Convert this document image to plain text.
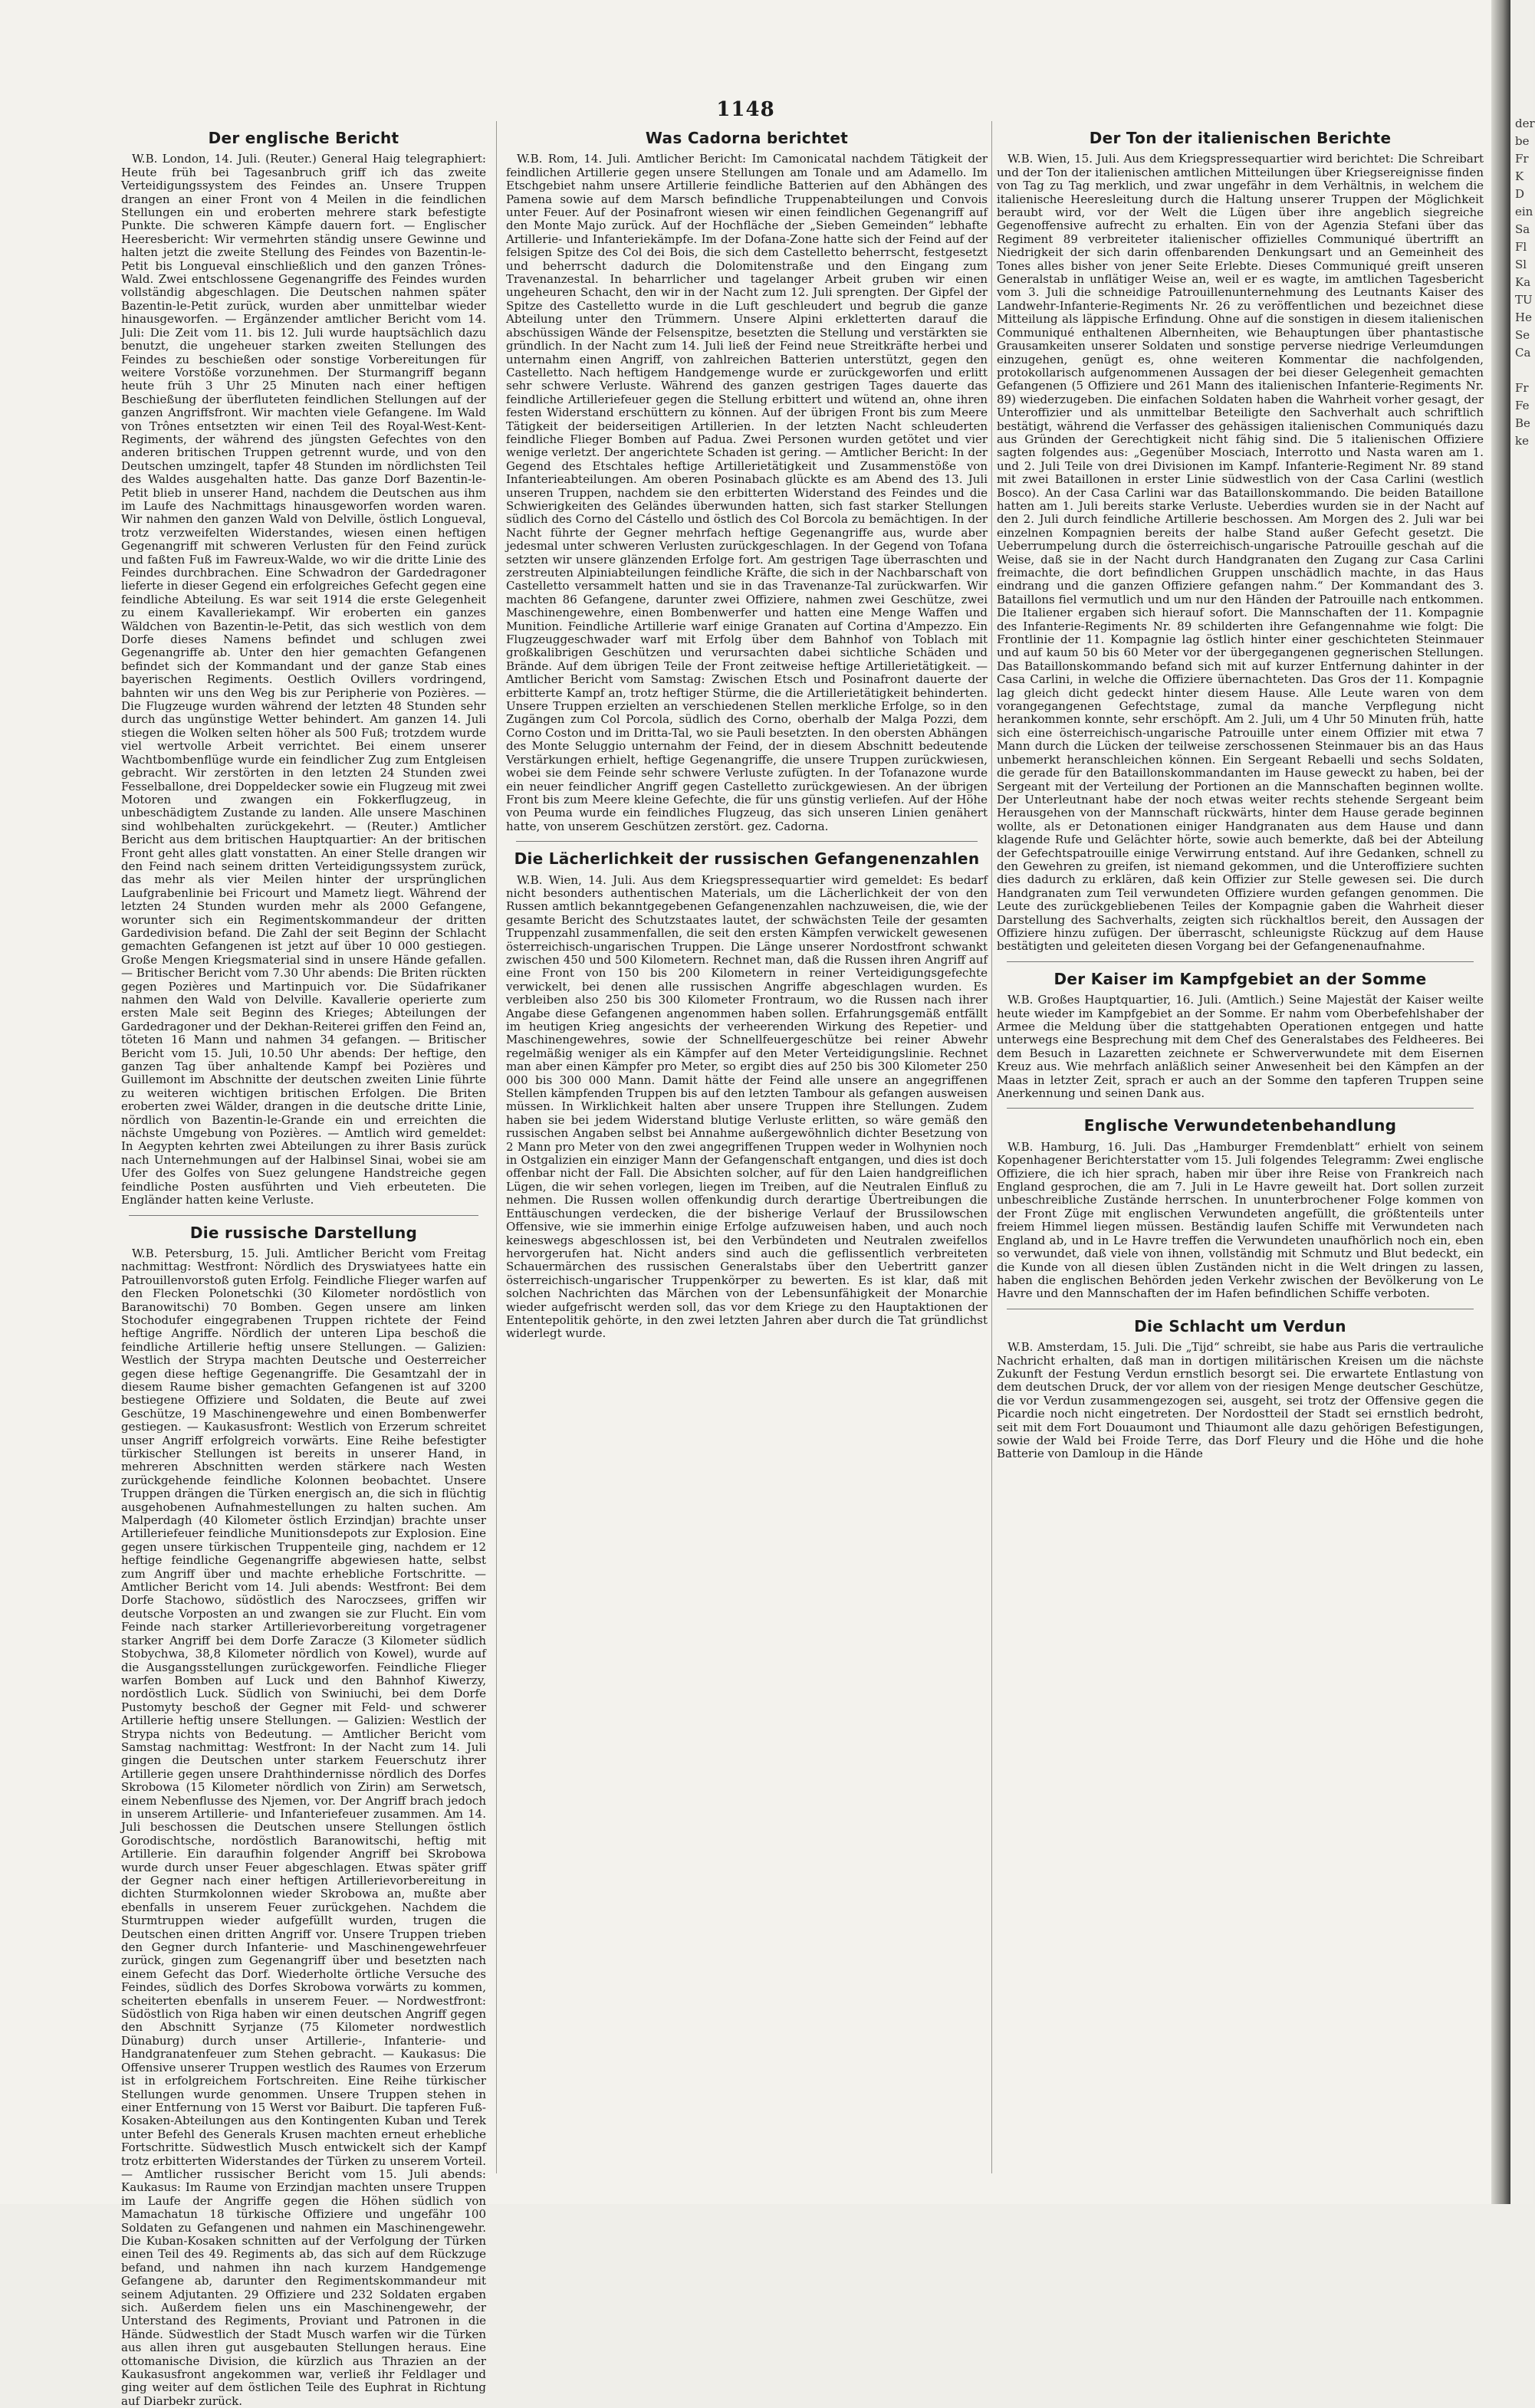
1148
Der englische Bericht

W.B. London, 14. Juli. (Reuter.) General Haig telegraphiert: Heute früh bei Tagesanbruch griff ich das zweite Verteidigungssystem des Feindes an. Unsere Truppen drangen an einer Front von 4 Meilen in die feindlichen Stellungen ein und eroberten mehrere stark befestigte Punkte. Die schweren Kämpfe dauern fort. — Englischer Heeresbericht: Wir vermehrten ständig unsere Gewinne und halten jetzt die zweite Stellung des Feindes von Bazentin-le-Petit bis Longueval einschließlich und den ganzen Trônes-Wald. Zwei entschlossene Gegenangriffe des Feindes wurden vollständig abgeschlagen. Die Deutschen nahmen später Bazentin-le-Petit zurück, wurden aber unmittelbar wieder hinausgeworfen. — Ergänzender amtlicher Bericht vom 14. Juli: Die Zeit vom 11. bis 12. Juli wurde hauptsächlich dazu benutzt, die ungeheuer starken zweiten Stellungen des Feindes zu beschießen oder sonstige Vorbereitungen für weitere Vorstöße vorzunehmen. Der Sturmangriff begann heute früh 3 Uhr 25 Minuten nach einer heftigen Beschießung der überfluteten feindlichen Stellungen auf der ganzen Angriffsfront. Wir machten viele Gefangene. Im Wald von Trônes entsetzten wir einen Teil des Royal-West-Kent-Regiments, der während des jüngsten Gefechtes von den anderen britischen Truppen getrennt wurde, und von den Deutschen umzingelt, tapfer 48 Stunden im nördlichsten Teil des Waldes ausgehalten hatte. Das ganze Dorf Bazentin-le-Petit blieb in unserer Hand, nachdem die Deutschen aus ihm im Laufe des Nachmittags hinausgeworfen worden waren. Wir nahmen den ganzen Wald von Delville, östlich Longueval, trotz verzweifelten Widerstandes, wiesen einen heftigen Gegenangriff mit schweren Verlusten für den Feind zurück und faßten Fuß im Fawreux-Walde, wo wir die dritte Linie des Feindes durchbrachen. Eine Schwadron der Gardedragoner lieferte in dieser Gegend ein erfolgreiches Gefecht gegen eine feindliche Abteilung. Es war seit 1914 die erste Gelegenheit zu einem Kavalleriekampf. Wir eroberten ein ganzes Wäldchen von Bazentin-le-Petit, das sich westlich von dem Dorfe dieses Namens befindet und schlugen zwei Gegenangriffe ab. Unter den hier gemachten Gefangenen befindet sich der Kommandant und der ganze Stab eines bayerischen Regiments. Oestlich Ovillers vordringend, bahnten wir uns den Weg bis zur Peripherie von Pozières. — Die Flugzeuge wurden während der letzten 48 Stunden sehr durch das ungünstige Wetter behindert. Am ganzen 14. Juli stiegen die Wolken selten höher als 500 Fuß; trotzdem wurde viel wertvolle Arbeit verrichtet. Bei einem unserer Wachtbombenflüge wurde ein feindlicher Zug zum Entgleisen gebracht. Wir zerstörten in den letzten 24 Stunden zwei Fesselballone, drei Doppeldecker sowie ein Flugzeug mit zwei Motoren und zwangen ein Fokkerflugzeug, in unbeschädigtem Zustande zu landen. Alle unsere Maschinen sind wohlbehalten zurückgekehrt. — (Reuter.) Amtlicher Bericht aus dem britischen Hauptquartier: An der britischen Front geht alles glatt vonstatten. An einer Stelle drangen wir den Feind nach seinem dritten Verteidigungssystem zurück, das mehr als vier Meilen hinter der ursprünglichen Laufgrabenlinie bei Fricourt und Mametz liegt. Während der letzten 24 Stunden wurden mehr als 2000 Gefangene, worunter sich ein Regimentskommandeur der dritten Gardedivision befand. Die Zahl der seit Beginn der Schlacht gemachten Gefangenen ist jetzt auf über 10 000 gestiegen. Große Mengen Kriegsmaterial sind in unsere Hände gefallen. — Britischer Bericht vom 7.30 Uhr abends: Die Briten rückten gegen Pozières und Martinpuich vor. Die Südafrikaner nahmen den Wald von Delville. Kavallerie operierte zum ersten Male seit Beginn des Krieges; Abteilungen der Gardedragoner und der Dekhan-Reiterei griffen den Feind an, töteten 16 Mann und nahmen 34 gefangen. — Britischer Bericht vom 15. Juli, 10.50 Uhr abends: Der heftige, den ganzen Tag über anhaltende Kampf bei Pozières und Guillemont im Abschnitte der deutschen zweiten Linie führte zu weiteren wichtigen britischen Erfolgen. Die Briten eroberten zwei Wälder, drangen in die deutsche dritte Linie, nördlich von Bazentin-le-Grande ein und erreichten die nächste Umgebung von Pozières. — Amtlich wird gemeldet: In Aegypten kehrten zwei Abteilungen zu ihrer Basis zurück nach Unternehmungen auf der Halbinsel Sinai, wobei sie am Ufer des Golfes von Suez gelungene Handstreiche gegen feindliche Posten ausführten und Vieh erbeuteten. Die Engländer hatten keine Verluste.

Die russische Darstellung

W.B. Petersburg, 15. Juli. Amtlicher Bericht vom Freitag nachmittag: Westfront: Nördlich des Dryswiatyees hatte ein Patrouillenvorstoß guten Erfolg. Feindliche Flieger warfen auf den Flecken Polonetschki (30 Kilometer nordöstlich von Baranowitschi) 70 Bomben. Gegen unsere am linken Stochodufer eingegrabenen Truppen richtete der Feind heftige Angriffe. Nördlich der unteren Lipa beschoß die feindliche Artillerie heftig unsere Stellungen. — Galizien: Westlich der Strypa machten Deutsche und Oesterreicher gegen diese heftige Gegenangriffe. Die Gesamtzahl der in diesem Raume bisher gemachten Gefangenen ist auf 3200 bestiegene Offiziere und Soldaten, die Beute auf zwei Geschütze, 19 Maschinengewehre und einen Bombenwerfer gestiegen. — Kaukasusfront: Westlich von Erzerum schreitet unser Angriff erfolgreich vorwärts. Eine Reihe befestigter türkischer Stellungen ist bereits in unserer Hand, in mehreren Abschnitten werden stärkere nach Westen zurückgehende feindliche Kolonnen beobachtet. Unsere Truppen drängen die Türken energisch an, die sich in flüchtig ausgehobenen Aufnahmestellungen zu halten suchen. Am Malperdagh (40 Kilometer östlich Erzindjan) brachte unser Artilleriefeuer feindliche Munitionsdepots zur Explosion. Eine gegen unsere türkischen Truppenteile ging, nachdem er 12 heftige feindliche Gegenangriffe abgewiesen hatte, selbst zum Angriff über und machte erhebliche Fortschritte. — Amtlicher Bericht vom 14. Juli abends: Westfront: Bei dem Dorfe Stachowo, südöstlich des Naroczsees, griffen wir deutsche Vorposten an und zwangen sie zur Flucht. Ein vom Feinde nach starker Artillerievorbereitung vorgetragener starker Angriff bei dem Dorfe Zaracze (3 Kilometer südlich Stobychwa, 38,8 Kilometer nördlich von Kowel), wurde auf die Ausgangsstellungen zurückgeworfen. Feindliche Flieger warfen Bomben auf Luck und den Bahnhof Kiwerzy, nordöstlich Luck. Südlich von Swiniuchi, bei dem Dorfe Pustomyty beschoß der Gegner mit Feld- und schwerer Artillerie heftig unsere Stellungen. — Galizien: Westlich der Strypa nichts von Bedeutung. — Amtlicher Bericht vom Samstag nachmittag: Westfront: In der Nacht zum 14. Juli gingen die Deutschen unter starkem Feuerschutz ihrer Artillerie gegen unsere Drahthindernisse nördlich des Dorfes Skrobowa (15 Kilometer nördlich von Zirin) am Serwetsch, einem Nebenflusse des Njemen, vor. Der Angriff brach jedoch in unserem Artillerie- und Infanteriefeuer zusammen. Am 14. Juli beschossen die Deutschen unsere Stellungen östlich Gorodischtsche, nordöstlich Baranowitschi, heftig mit Artillerie. Ein daraufhin folgender Angriff bei Skrobowa wurde durch unser Feuer abgeschlagen. Etwas später griff der Gegner nach einer heftigen Artillerievorbereitung in dichten Sturmkolonnen wieder Skrobowa an, mußte aber ebenfalls in unserem Feuer zurückgehen. Nachdem die Sturmtruppen wieder aufgefüllt wurden, trugen die Deutschen einen dritten Angriff vor. Unsere Truppen trieben den Gegner durch Infanterie- und Maschinengewehrfeuer zurück, gingen zum Gegenangriff über und besetzten nach einem Gefecht das Dorf. Wiederholte örtliche Versuche des Feindes, südlich des Dorfes Skrobowa vorwärts zu kommen, scheiterten ebenfalls in unserem Feuer. — Nordwestfront: Südöstlich von Riga haben wir einen deutschen Angriff gegen den Abschnitt Syrjanze (75 Kilometer nordwestlich Dünaburg) durch unser Artillerie-, Infanterie- und Handgranatenfeuer zum Stehen gebracht. — Kaukasus: Die Offensive unserer Truppen westlich des Raumes von Erzerum ist in erfolgreichem Fortschreiten. Eine Reihe türkischer Stellungen wurde genommen. Unsere Truppen stehen in einer Entfernung von 15 Werst vor Baiburt. Die tapferen Fuß-Kosaken-Abteilungen aus den Kontingenten Kuban und Terek unter Befehl des Generals Krusen machten erneut erhebliche Fortschritte. Südwestlich Musch entwickelt sich der Kampf trotz erbitterten Widerstandes der Türken zu unserem Vorteil. — Amtlicher russischer Bericht vom 15. Juli abends: Kaukasus: Im Raume von Erzindjan machten unsere Truppen im Laufe der Angriffe gegen die Höhen südlich von Mamachatun 18 türkische Offiziere und ungefähr 100 Soldaten zu Gefangenen und nahmen ein Maschinengewehr. Die Kuban-Kosaken schnitten auf der Verfolgung der Türken einen Teil des 49. Regiments ab, das sich auf dem Rückzuge befand, und nahmen ihn nach kurzem Handgemenge Gefangene ab, darunter den Regimentskommandeur mit seinem Adjutanten. 29 Offiziere und 232 Soldaten ergaben sich. Außerdem fielen uns ein Maschinengewehr, der Unterstand des Regiments, Proviant und Patronen in die Hände. Südwestlich der Stadt Musch warfen wir die Türken aus allen ihren gut ausgebauten Stellungen heraus. Eine ottomanische Division, die kürzlich aus Thrazien an der Kaukasusfront angekommen war, verließ ihr Feldlager und ging weiter auf dem östlichen Teile des Euphrat in Richtung auf Diarbekr zurück.

Was Cadorna berichtet

W.B. Rom, 14. Juli. Amtlicher Bericht: Im Camonicatal nachdem Tätigkeit der feindlichen Artillerie gegen unsere Stellungen am Tonale und am Adamello. Im Etschgebiet nahm unsere Artillerie feindliche Batterien auf den Abhängen des Pamena sowie auf dem Marsch befindliche Truppenabteilungen und Convois unter Feuer. Auf der Posinafront wiesen wir einen feindlichen Gegenangriff auf den Monte Majo zurück. Auf der Hochfläche der „Sieben Gemeinden“ lebhafte Artillerie- und Infanteriekämpfe. Im der Dofana-Zone hatte sich der Feind auf der felsigen Spitze des Col dei Bois, die sich dem Castelletto beherrscht, festgesetzt und beherrscht dadurch die Dolomitenstraße und den Eingang zum Travenanzestal. In beharrlicher und tagelanger Arbeit gruben wir einen ungeheuren Schacht, den wir in der Nacht zum 12. Juli sprengten. Der Gipfel der Spitze des Castelletto wurde in die Luft geschleudert und begrub die ganze Abteilung unter den Trümmern. Unsere Alpini erkletterten darauf die abschüssigen Wände der Felsenspitze, besetzten die Stellung und verstärkten sie gründlich. In der Nacht zum 14. Juli ließ der Feind neue Streitkräfte herbei und unternahm einen Angriff, von zahlreichen Batterien unterstützt, gegen den Castelletto. Nach heftigem Handgemenge wurde er zurückgeworfen und erlitt sehr schwere Verluste. Während des ganzen gestrigen Tages dauerte das feindliche Artilleriefeuer gegen die Stellung erbittert und wütend an, ohne ihren festen Widerstand erschüttern zu können. Auf der übrigen Front bis zum Meere Tätigkeit der beiderseitigen Artillerien. In der letzten Nacht schleuderten feindliche Flieger Bomben auf Padua. Zwei Personen wurden getötet und vier wenige verletzt. Der angerichtete Schaden ist gering. — Amtlicher Bericht: In der Gegend des Etschtales heftige Artillerietätigkeit und Zusammenstöße von Infanterieabteilungen. Am oberen Posinabach glückte es am Abend des 13. Juli unseren Truppen, nachdem sie den erbitterten Widerstand des Feindes und die Schwierigkeiten des Geländes überwunden hatten, sich fast starker Stellungen südlich des Corno del Cástello und östlich des Col Borcola zu bemächtigen. In der Nacht führte der Gegner mehrfach heftige Gegenangriffe aus, wurde aber jedesmal unter schweren Verlusten zurückgeschlagen. In der Gegend von Tofana setzten wir unsere glänzenden Erfolge fort. Am gestrigen Tage überraschten und zerstreuten Alpiniabteilungen feindliche Kräfte, die sich in der Nachbarschaft von Castelletto versammelt hatten und sie in das Travenanze-Tal zurückwarfen. Wir machten 86 Gefangene, darunter zwei Offiziere, nahmen zwei Geschütze, zwei Maschinengewehre, einen Bombenwerfer und hatten eine Menge Waffen und Munition. Feindliche Artillerie warf einige Granaten auf Cortina d'Ampezzo. Ein Flugzeuggeschwader warf mit Erfolg über dem Bahnhof von Toblach mit großkalibrigen Geschützen und verursachten dabei sichtliche Schäden und Brände. Auf dem übrigen Teile der Front zeitweise heftige Artillerietätigkeit. — Amtlicher Bericht vom Samstag: Zwischen Etsch und Posinafront dauerte der erbitterte Kampf an, trotz heftiger Stürme, die die Artillerietätigkeit behinderten. Unsere Truppen erzielten an verschiedenen Stellen merkliche Erfolge, so in den Zugängen zum Col Porcola, südlich des Corno, oberhalb der Malga Pozzi, dem Corno Coston und im Dritta-Tal, wo sie Pauli besetzten. In den obersten Abhängen des Monte Seluggio unternahm der Feind, der in diesem Abschnitt bedeutende Verstärkungen erhielt, heftige Gegenangriffe, die unsere Truppen zurückwiesen, wobei sie dem Feinde sehr schwere Verluste zufügten. In der Tofanazone wurde ein neuer feindlicher Angriff gegen Castelletto zurückgewiesen. An der übrigen Front bis zum Meere kleine Gefechte, die für uns günstig verliefen. Auf der Höhe von Peuma wurde ein feindliches Flugzeug, das sich unseren Linien genähert hatte, von unserem Geschützen zerstört. gez. Cadorna.

Die Lächerlichkeit der russischen Gefangenenzahlen

W.B. Wien, 14. Juli. Aus dem Kriegspressequartier wird gemeldet: Es bedarf nicht besonders authentischen Materials, um die Lächerlichkeit der von den Russen amtlich bekanntgegebenen Gefangenenzahlen nachzuweisen, die, wie der gesamte Bericht des Schutzstaates lautet, der schwächsten Teile der gesamten Truppenzahl zusammenfallen, die seit den ersten Kämpfen verwickelt gewesenen österreichisch-ungarischen Truppen. Die Länge unserer Nordostfront schwankt zwischen 450 und 500 Kilometern. Rechnet man, daß die Russen ihren Angriff auf eine Front von 150 bis 200 Kilometern in reiner Verteidigungsgefechte verwickelt, bei denen alle russischen Angriffe abgeschlagen wurden. Es verbleiben also 250 bis 300 Kilometer Frontraum, wo die Russen nach ihrer Angabe diese Gefangenen angenommen haben sollen. Erfahrungsgemäß entfällt im heutigen Krieg angesichts der verheerenden Wirkung des Repetier- und Maschinengewehres, sowie der Schnellfeuergeschütze bei reiner Abwehr regelmäßig weniger als ein Kämpfer auf den Meter Verteidigungslinie. Rechnet man aber einen Kämpfer pro Meter, so ergibt dies auf 250 bis 300 Kilometer 250 000 bis 300 000 Mann. Damit hätte der Feind alle unsere an angegriffenen Stellen kämpfenden Truppen bis auf den letzten Tambour als gefangen ausweisen müssen. In Wirklichkeit halten aber unsere Truppen ihre Stellungen. Zudem haben sie bei jedem Widerstand blutige Verluste erlitten, so wäre gemäß den russischen Angaben selbst bei Annahme außergewöhnlich dichter Besetzung von 2 Mann pro Meter von den zwei angegriffenen Truppen weder in Wolhynien noch in Ostgalizien ein einziger Mann der Gefangenschaft entgangen, und dies ist doch offenbar nicht der Fall. Die Absichten solcher, auf für den Laien handgreiflichen Lügen, die wir sehen vorlegen, liegen im Treiben, auf die Neutralen Einfluß zu nehmen. Die Russen wollen offenkundig durch derartige Übertreibungen die Enttäuschungen verdecken, die der bisherige Verlauf der Brussilowschen Offensive, wie sie immerhin einige Erfolge aufzuweisen haben, und auch noch keineswegs abgeschlossen ist, bei den Verbündeten und Neutralen zweifellos hervorgerufen hat. Nicht anders sind auch die geflissentlich verbreiteten Schauermärchen des russischen Generalstabs über den Uebertritt ganzer österreichisch-ungarischer Truppenkörper zu bewerten. Es ist klar, daß mit solchen Nachrichten das Märchen von der Lebensunfähigkeit der Monarchie wieder aufgefrischt werden soll, das vor dem Kriege zu den Hauptaktionen der Ententepolitik gehörte, in den zwei letzten Jahren aber durch die Tat gründlichst widerlegt wurde.

Der Ton der italienischen Berichte

W.B. Wien, 15. Juli. Aus dem Kriegspressequartier wird berichtet: Die Schreibart und der Ton der italienischen amtlichen Mitteilungen über Kriegsereignisse finden von Tag zu Tag merklich, und zwar ungefähr in dem Verhältnis, in welchem die italienische Heeresleitung durch die Haltung unserer Truppen der Möglichkeit beraubt wird, vor der Welt die Lügen über ihre angeblich siegreiche Gegenoffensive aufrecht zu erhalten. Ein von der Agenzia Stefani über das Regiment 89 verbreiteter italienischer offizielles Communiqué übertrifft an Niedrigkeit der sich darin offenbarenden Denkungsart und an Gemeinheit des Tones alles bisher von jener Seite Erlebte. Dieses Communiqué greift unseren Generalstab in unflätiger Weise an, weil er es wagte, im amtlichen Tagesbericht vom 3. Juli die schneidige Patrouillenunternehmung des Leutnants Kaiser des Landwehr-Infanterie-Regiments Nr. 26 zu veröffentlichen und bezeichnet diese Mitteilung als läppische Erfindung. Ohne auf die sonstigen in diesem italienischen Communiqué enthaltenen Albernheiten, wie Behauptungen über phantastische Grausamkeiten unserer Soldaten und sonstige perverse niedrige Verleumdungen einzugehen, genügt es, ohne weiteren Kommentar die nachfolgenden, protokollarisch aufgenommenen Aussagen der bei dieser Gelegenheit gemachten Gefangenen (5 Offiziere und 261 Mann des italienischen Infanterie-Regiments Nr. 89) wiederzugeben. Die einfachen Soldaten haben die Wahrheit vorher gesagt, der Unteroffizier und als unmittelbar Beteiligte den Sachverhalt auch schriftlich bestätigt, während die Verfasser des gehässigen italienischen Communiqués dazu aus Gründen der Gerechtigkeit nicht fähig sind. Die 5 italienischen Offiziere sagten folgendes aus: „Gegenüber Mosciach, Interrotto und Nasta waren am 1. und 2. Juli Teile von drei Divisionen im Kampf. Infanterie-Regiment Nr. 89 stand mit zwei Bataillonen in erster Linie südwestlich von der Casa Carlini (westlich Bosco). An der Casa Carlini war das Bataillonskommando. Die beiden Bataillone hatten am 1. Juli bereits starke Verluste. Ueberdies wurden sie in der Nacht auf den 2. Juli durch feindliche Artillerie beschossen. Am Morgen des 2. Juli war bei einzelnen Kompagnien bereits der halbe Stand außer Gefecht gesetzt. Die Ueberrumpelung durch die österreichisch-ungarische Patrouille geschah auf die Weise, daß sie in der Nacht durch Handgranaten den Zugang zur Casa Carlini freimachte, die dort befindlichen Gruppen unschädlich machte, in das Haus eindrang und die ganzen Offiziere gefangen nahm.“ Der Kommandant des 3. Bataillons fiel vermutlich und um nur den Händen der Patrouille nach entkommen. Die Italiener ergaben sich hierauf sofort. Die Mannschaften der 11. Kompagnie des Infanterie-Regiments Nr. 89 schilderten ihre Gefangennahme wie folgt: Die Frontlinie der 11. Kompagnie lag östlich hinter einer geschichteten Steinmauer und auf kaum 50 bis 60 Meter vor der übergegangenen gegnerischen Stellungen. Das Bataillonskommando befand sich mit auf kurzer Entfernung dahinter in der Casa Carlini, in welche die Offiziere übernachteten. Das Gros der 11. Kompagnie lag gleich dicht gedeckt hinter diesem Hause. Alle Leute waren von dem vorangegangenen Gefechtstage, zumal da manche Verpflegung nicht herankommen konnte, sehr erschöpft. Am 2. Juli, um 4 Uhr 50 Minuten früh, hatte sich eine österreichisch-ungarische Patrouille unter einem Offizier mit etwa 7 Mann durch die Lücken der teilweise zerschossenen Steinmauer bis an das Haus unbemerkt heranschleichen können. Ein Sergeant Rebaelli und sechs Soldaten, die gerade für den Bataillonskommandanten im Hause geweckt zu haben, bei der Sergeant mit der Verteilung der Portionen an die Mannschaften beginnen wollte. Der Unterleutnant habe der noch etwas weiter rechts stehende Sergeant beim Herausgehen von der Mannschaft rückwärts, hinter dem Hause gerade beginnen wollte, als er Detonationen einiger Handgranaten aus dem Hause und dann klagende Rufe und Gelächter hörte, sowie auch bemerkte, daß bei der Abteilung der Gefechtspatrouille einige Verwirrung entstand. Auf ihre Gedanken, schnell zu den Gewehren zu greifen, ist niemand gekommen, und die Unteroffiziere suchten dies dadurch zu erklären, daß kein Offizier zur Stelle gewesen sei. Die durch Handgranaten zum Teil verwundeten Offiziere wurden gefangen genommen. Die Leute des zurückgebliebenen Teiles der Kompagnie gaben die Wahrheit dieser Darstellung des Sachverhalts, zeigten sich rückhaltlos bereit, den Aussagen der Offiziere hinzu zufügen. Der überrascht, schleunigste Rückzug auf dem Hause bestätigten und geleiteten diesen Vorgang bei der Gefangenenaufnahme.

Der Kaiser im Kampfgebiet an der Somme

W.B. Großes Hauptquartier, 16. Juli. (Amtlich.) Seine Majestät der Kaiser weilte heute wieder im Kampfgebiet an der Somme. Er nahm vom Oberbefehlshaber der Armee die Meldung über die stattgehabten Operationen entgegen und hatte unterwegs eine Besprechung mit dem Chef des Generalstabes des Feldheeres. Bei dem Besuch in Lazaretten zeichnete er Schwerverwundete mit dem Eisernen Kreuz aus. Wie mehrfach anläßlich seiner Anwesenheit bei den Kämpfen an der Maas in letzter Zeit, sprach er auch an der Somme den tapferen Truppen seine Anerkennung und seinen Dank aus.

Englische Verwundetenbehandlung

W.B. Hamburg, 16. Juli. Das „Hamburger Fremdenblatt“ erhielt von seinem Kopenhagener Berichterstatter vom 15. Juli folgendes Telegramm: Zwei englische Offiziere, die ich hier sprach, haben mir über ihre Reise von Frankreich nach England gesprochen, die am 7. Juli in Le Havre geweilt hat. Dort sollen zurzeit unbeschreibliche Zustände herrschen. In ununterbrochener Folge kommen von der Front Züge mit englischen Verwundeten angefüllt, die größtenteils unter freiem Himmel liegen müssen. Beständig laufen Schiffe mit Verwundeten nach England ab, und in Le Havre treffen die Verwundeten unaufhörlich noch ein, eben so verwundet, daß viele von ihnen, vollständig mit Schmutz und Blut bedeckt, ein die Kunde von all diesen üblen Zuständen nicht in die Welt dringen zu lassen, haben die englischen Behörden jeden Verkehr zwischen der Bevölkerung von Le Havre und den Mannschaften der im Hafen befindlichen Schiffe verboten.

Die Schlacht um Verdun

W.B. Amsterdam, 15. Juli. Die „Tijd“ schreibt, sie habe aus Paris die vertrauliche Nachricht erhalten, daß man in dortigen militärischen Kreisen um die nächste Zukunft der Festung Verdun ernstlich besorgt sei. Die erwartete Entlastung von dem deutschen Druck, der vor allem von der riesigen Menge deutscher Geschütze, die vor Verdun zusammengezogen sei, ausgeht, sei trotz der Offensive gegen die Picardie noch nicht eingetreten. Der Nordostteil der Stadt sei ernstlich bedroht, seit mit dem Fort Douaumont und Thiaumont alle dazu gehörigen Befestigungen, sowie der Wald bei Froide Terre, das Dorf Fleury und die Höhe und die hohe Batterie von Damloup in die Hände

der
be
Fr
K
D
ein
Sa
Fl
Sl
Ka
TU
He
Se
Ca

Fr
Fe
Be
ke
